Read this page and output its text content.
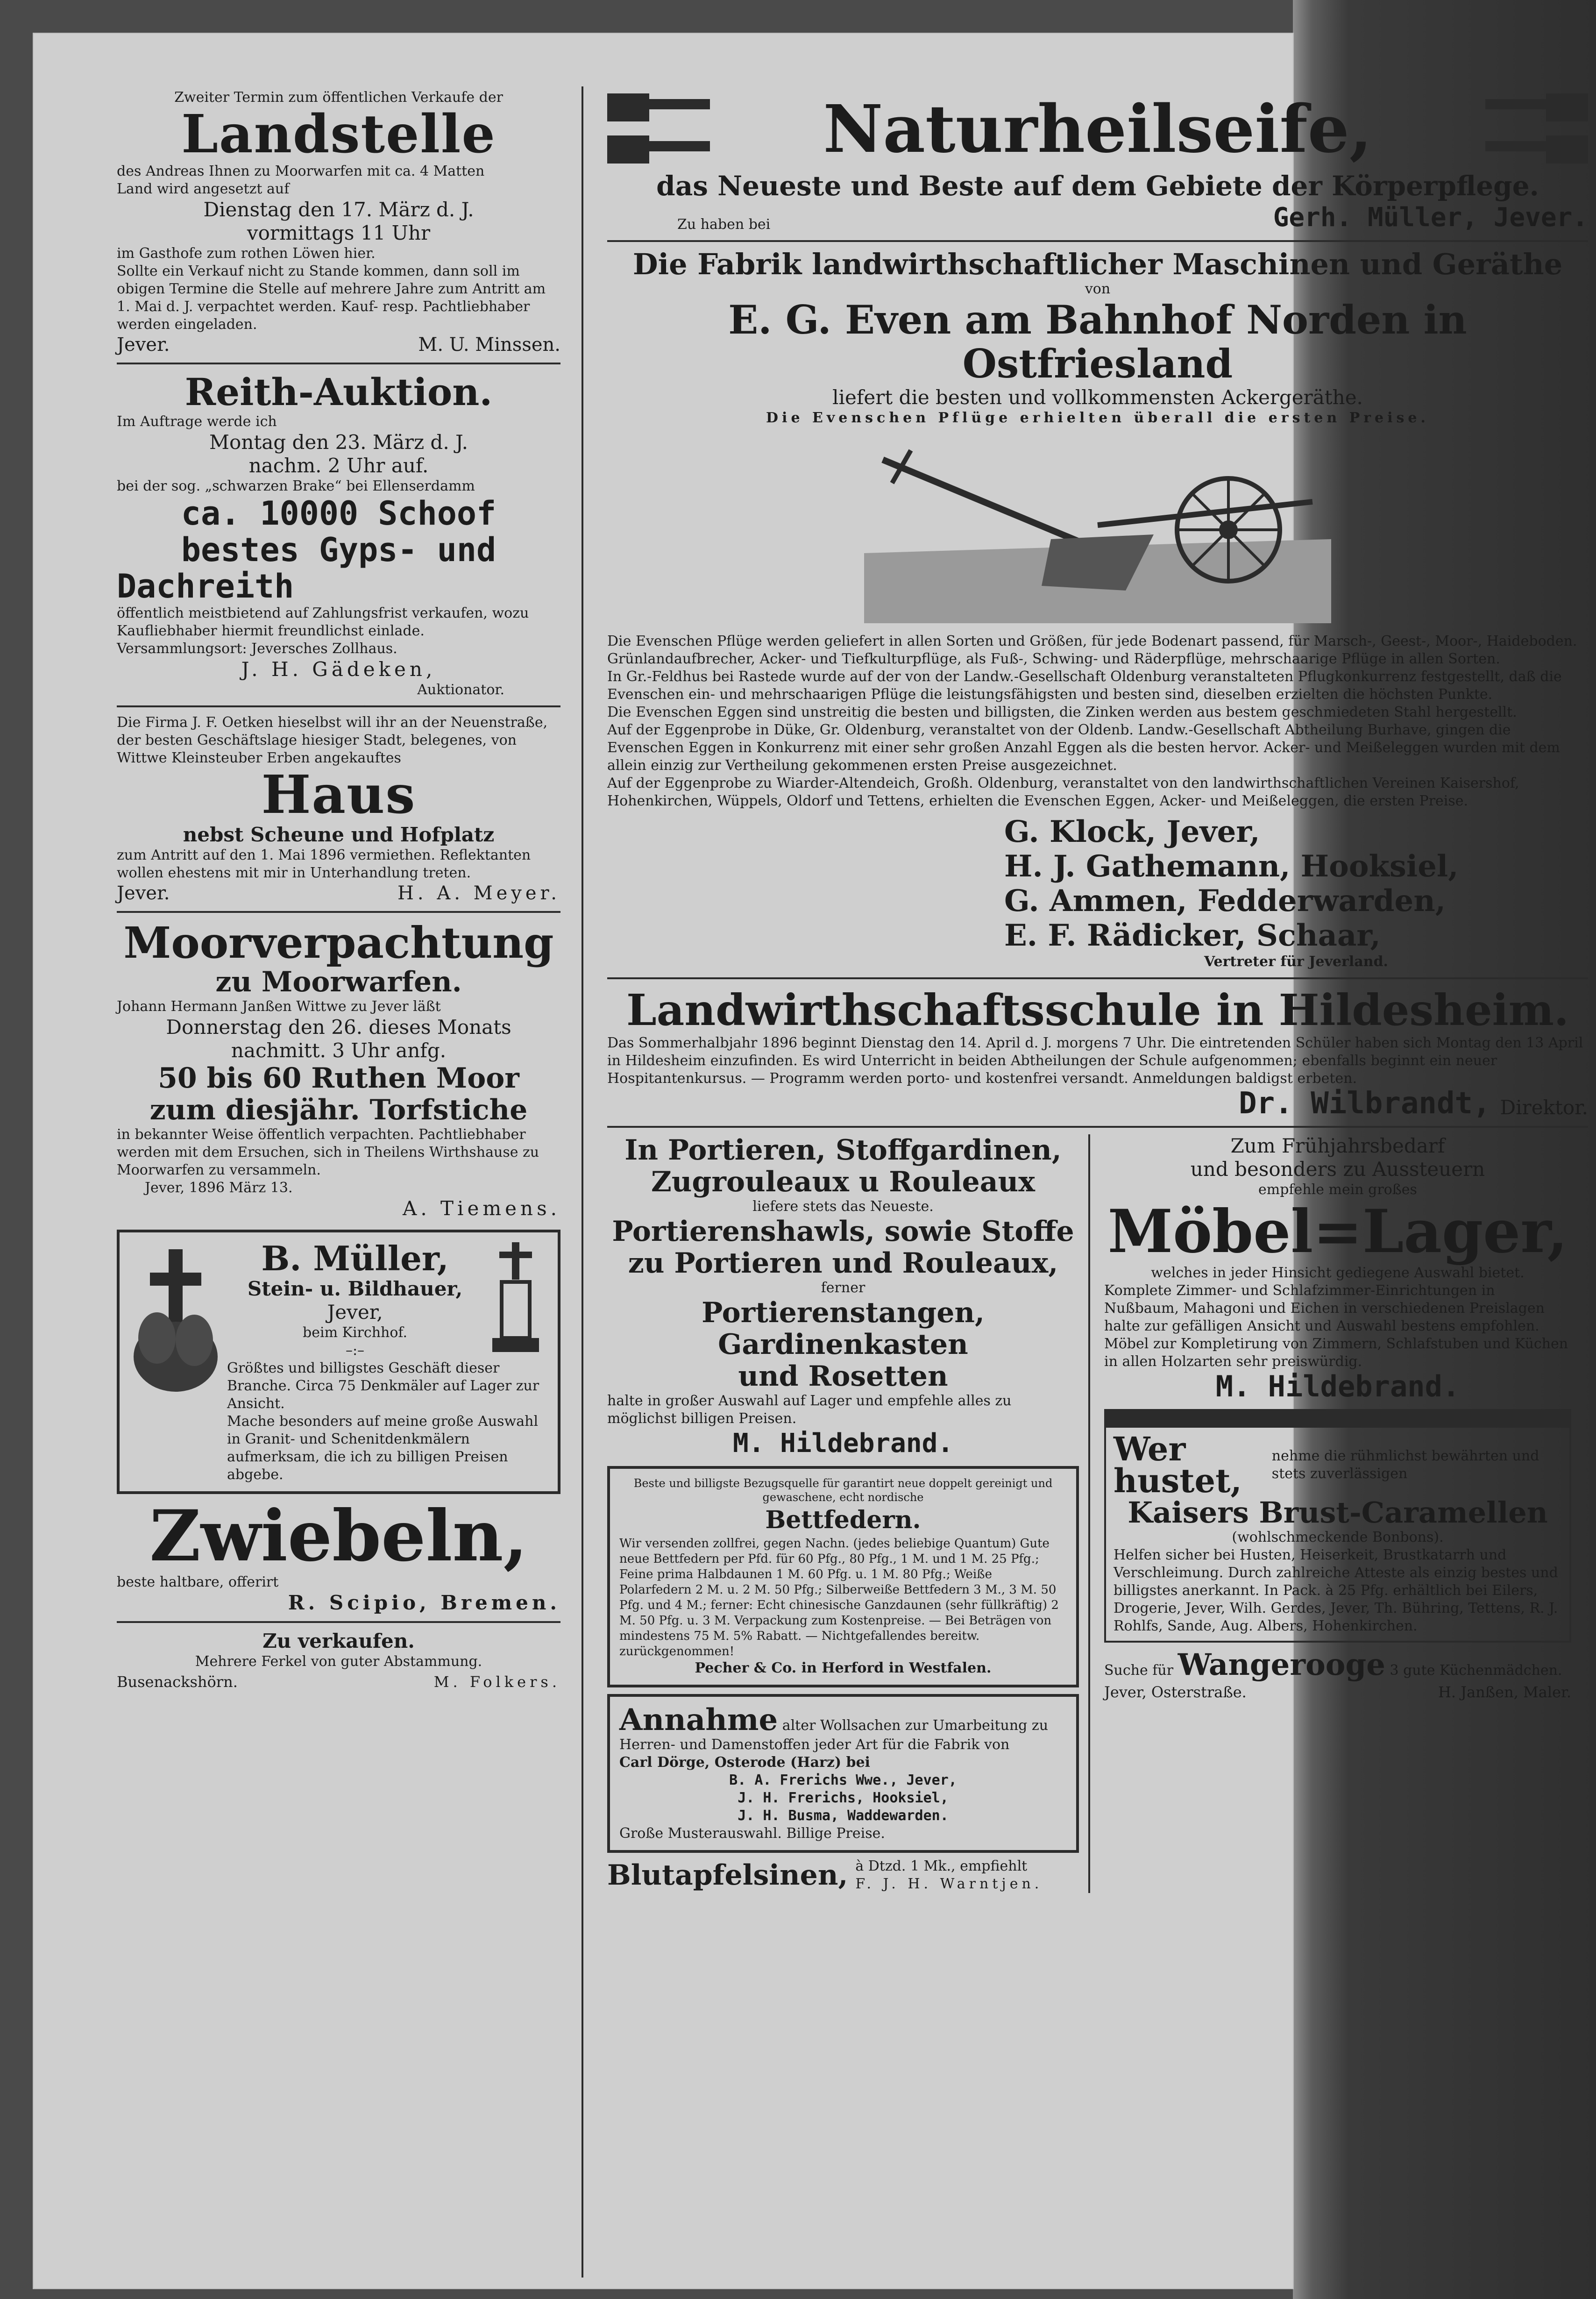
Zweiter Termin zum öffentlichen Verkaufe der

Landstelle

des Andreas Ihnen zu Moorwarfen mit ca. 4 Matten

Land wird angesetzt auf

Dienstag den 17. März d. J.

vormittags 11 Uhr

im Gasthofe zum rothen Löwen hier.

Sollte ein Verkauf nicht zu Stande kommen, dann soll im obigen Termine die Stelle auf mehrere Jahre zum Antritt am 1. Mai d. J. verpachtet werden. Kauf- resp. Pachtliebhaber werden eingeladen.

Jever.	M. U. Minssen.

Reith-Auktion.

Im Auftrage werde ich

Montag den 23. März d. J.

nachm. 2 Uhr auf.

bei der sog. „schwarzen Brake“ bei Ellenserdamm

ca. 10000 Schoof

bestes Gyps- und

Dachreith

öffentlich meistbietend auf Zahlungsfrist verkaufen, wozu Kaufliebhaber hiermit freundlichst einlade.

Versammlungsort: Jeversches Zollhaus.

J. H. Gädeken,

Auktionator.

Die Firma J. F. Oetken hieselbst will ihr an der Neuenstraße, der besten Geschäftslage hiesiger Stadt, belegenes, von Wittwe Kleinsteuber Erben angekauftes

Haus

nebst Scheune und Hofplatz

zum Antritt auf den 1. Mai 1896 vermiethen. Reflektanten wollen ehestens mit mir in Unterhandlung treten.

Jever.	H. A. Meyer.

Moorverpachtung

zu Moorwarfen.

Johann Hermann Janßen Wittwe zu Jever läßt

Donnerstag den 26. dieses Monats

nachmitt. 3 Uhr anfg.

50 bis 60 Ruthen Moor

zum diesjähr. Torfstiche

in bekannter Weise öffentlich verpachten. Pachtliebhaber werden mit dem Ersuchen, sich in Theilens Wirthshause zu Moorwarfen zu versammeln.

Jever, 1896 März 13.

A. Tiemens.

B. Müller,

Stein- u. Bildhauer,

Jever,

beim Kirchhof.

–:–

Größtes und billigstes Geschäft dieser Branche. Circa 75 Denkmäler auf Lager zur Ansicht.

Mache besonders auf meine große Auswahl in Granit- und Schenitdenkmälern aufmerksam, die ich zu billigen Preisen abgebe.

Zwiebeln,

beste haltbare, offerirt

R. Scipio, Bremen.

Zu verkaufen.

Mehrere Ferkel von guter Abstammung.

Busenackshörn.	M. Folkers.

Naturheilseife,

das Neueste und Beste auf dem Gebiete der Körperpflege.

Zu haben bei	Gerh. Müller, Jever.

Die Fabrik landwirthschaftlicher Maschinen und Geräthe

von

E. G. Even am Bahnhof Norden in Ostfriesland

liefert die besten und vollkommensten Ackergeräthe.

Die Evenschen Pflüge erhielten überall die ersten Preise.

Die Evenschen Pflüge werden geliefert in allen Sorten und Größen, für jede Bodenart passend, für Marsch-, Geest-, Moor-, Haideboden. Grünlandaufbrecher, Acker- und Tiefkulturpflüge, als Fuß-, Schwing- und Räderpflüge, mehrschaarige Pflüge in allen Sorten.

In Gr.-Feldhus bei Rastede wurde auf der von der Landw.-Gesellschaft Oldenburg veranstalteten Pflugkonkurrenz festgestellt, daß die Evenschen ein- und mehrschaarigen Pflüge die leistungsfähigsten und besten sind, dieselben erzielten die höchsten Punkte.

Die Evenschen Eggen sind unstreitig die besten und billigsten, die Zinken werden aus bestem geschmiedeten Stahl hergestellt.

Auf der Eggenprobe in Düke, Gr. Oldenburg, veranstaltet von der Oldenb. Landw.-Gesellschaft Abtheilung Burhave, gingen die Evenschen Eggen in Konkurrenz mit einer sehr großen Anzahl Eggen als die besten hervor. Acker- und Meißeleggen wurden mit dem allein einzig zur Vertheilung gekommenen ersten Preise ausgezeichnet.

Auf der Eggenprobe zu Wiarder-Altendeich, Großh. Oldenburg, veranstaltet von den landwirthschaftlichen Vereinen Kaisershof, Hohenkirchen, Wüppels, Oldorf und Tettens, erhielten die Evenschen Eggen, Acker- und Meißeleggen, die ersten Preise.

G. Klock, Jever,

H. J. Gathemann, Hooksiel,

G. Ammen, Fedderwarden,

E. F. Rädicker, Schaar,

Vertreter für Jeverland.

Landwirthschaftsschule in Hildesheim.

Das Sommerhalbjahr 1896 beginnt Dienstag den 14. April d. J. morgens 7 Uhr. Die eintretenden Schüler haben sich Montag den 13 April in Hildesheim einzufinden. Es wird Unterricht in beiden Abtheilungen der Schule aufgenommen; ebenfalls beginnt ein neuer Hospitantenkursus. — Programm werden porto- und kostenfrei versandt. Anmeldungen baldigst erbeten.

Dr. Wilbrandt, Direktor.

In Portieren, Stoffgardinen,

Zugrouleaux u Rouleaux

liefere stets das Neueste.

Portierenshawls, sowie Stoffe

zu Portieren und Rouleaux,

ferner

Portierenstangen, Gardinenkasten

und Rosetten

halte in großer Auswahl auf Lager und empfehle alles zu möglichst billigen Preisen.

M. Hildebrand.

Beste und billigste Bezugsquelle für garantirt neue doppelt gereinigt und gewaschene, echt nordische

Bettfedern.

Wir versenden zollfrei, gegen Nachn. (jedes beliebige Quantum) Gute neue Bettfedern per Pfd. für 60 Pfg., 80 Pfg., 1 M. und 1 M. 25 Pfg.; Feine prima Halbdaunen 1 M. 60 Pfg. u. 1 M. 80 Pfg.; Weiße Polarfedern 2 M. u. 2 M. 50 Pfg.; Silberweiße Bettfedern 3 M., 3 M. 50 Pfg. und 4 M.; ferner: Echt chinesische Ganzdaunen (sehr füllkräftig) 2 M. 50 Pfg. u. 3 M. Verpackung zum Kostenpreise. — Bei Beträgen von mindestens 75 M. 5% Rabatt. — Nichtgefallendes bereitw. zurückgenommen!

Pecher & Co. in Herford in Westfalen.

Annahme alter Wollsachen zur Umarbeitung zu Herren- und Damenstoffen jeder Art für die Fabrik von

Carl Dörge, Osterode (Harz) bei

B. A. Frerichs Wwe., Jever,

J. H. Frerichs, Hooksiel,

J. H. Busma, Waddewarden.

Große Musterauswahl. Billige Preise.

Blutapfelsinen, à Dtzd. 1 Mk., empfiehlt

F. J. H. Warntjen.

Zum Frühjahrsbedarf

und besonders zu Aussteuern

empfehle mein großes

Möbel=Lager,

welches in jeder Hinsicht gediegene Auswahl bietet.

Komplete Zimmer- und Schlafzimmer-Einrichtungen in Nußbaum, Mahagoni und Eichen in verschiedenen Preislagen halte zur gefälligen Ansicht und Auswahl bestens empfohlen.

Möbel zur Kompletirung von Zimmern, Schlafstuben und Küchen in allen Holzarten sehr preiswürdig.

M. Hildebrand.

Wer hustet,
nehme die rühmlichst bewährten und stets zuverlässigen

Kaisers Brust-Caramellen

(wohlschmeckende Bonbons).

Helfen sicher bei Husten, Heiserkeit, Brustkatarrh und Verschleimung. Durch zahlreiche Atteste als einzig bestes und billigstes anerkannt. In Pack. à 25 Pfg. erhältlich bei Eilers, Drogerie, Jever, Wilh. Gerdes, Jever, Th. Bühring, Tettens, R. J. Rohlfs, Sande, Aug. Albers, Hohenkirchen.

Suche für Wangerooge 3 gute Küchenmädchen.

Jever, Osterstraße.	H. Janßen, Maler.
